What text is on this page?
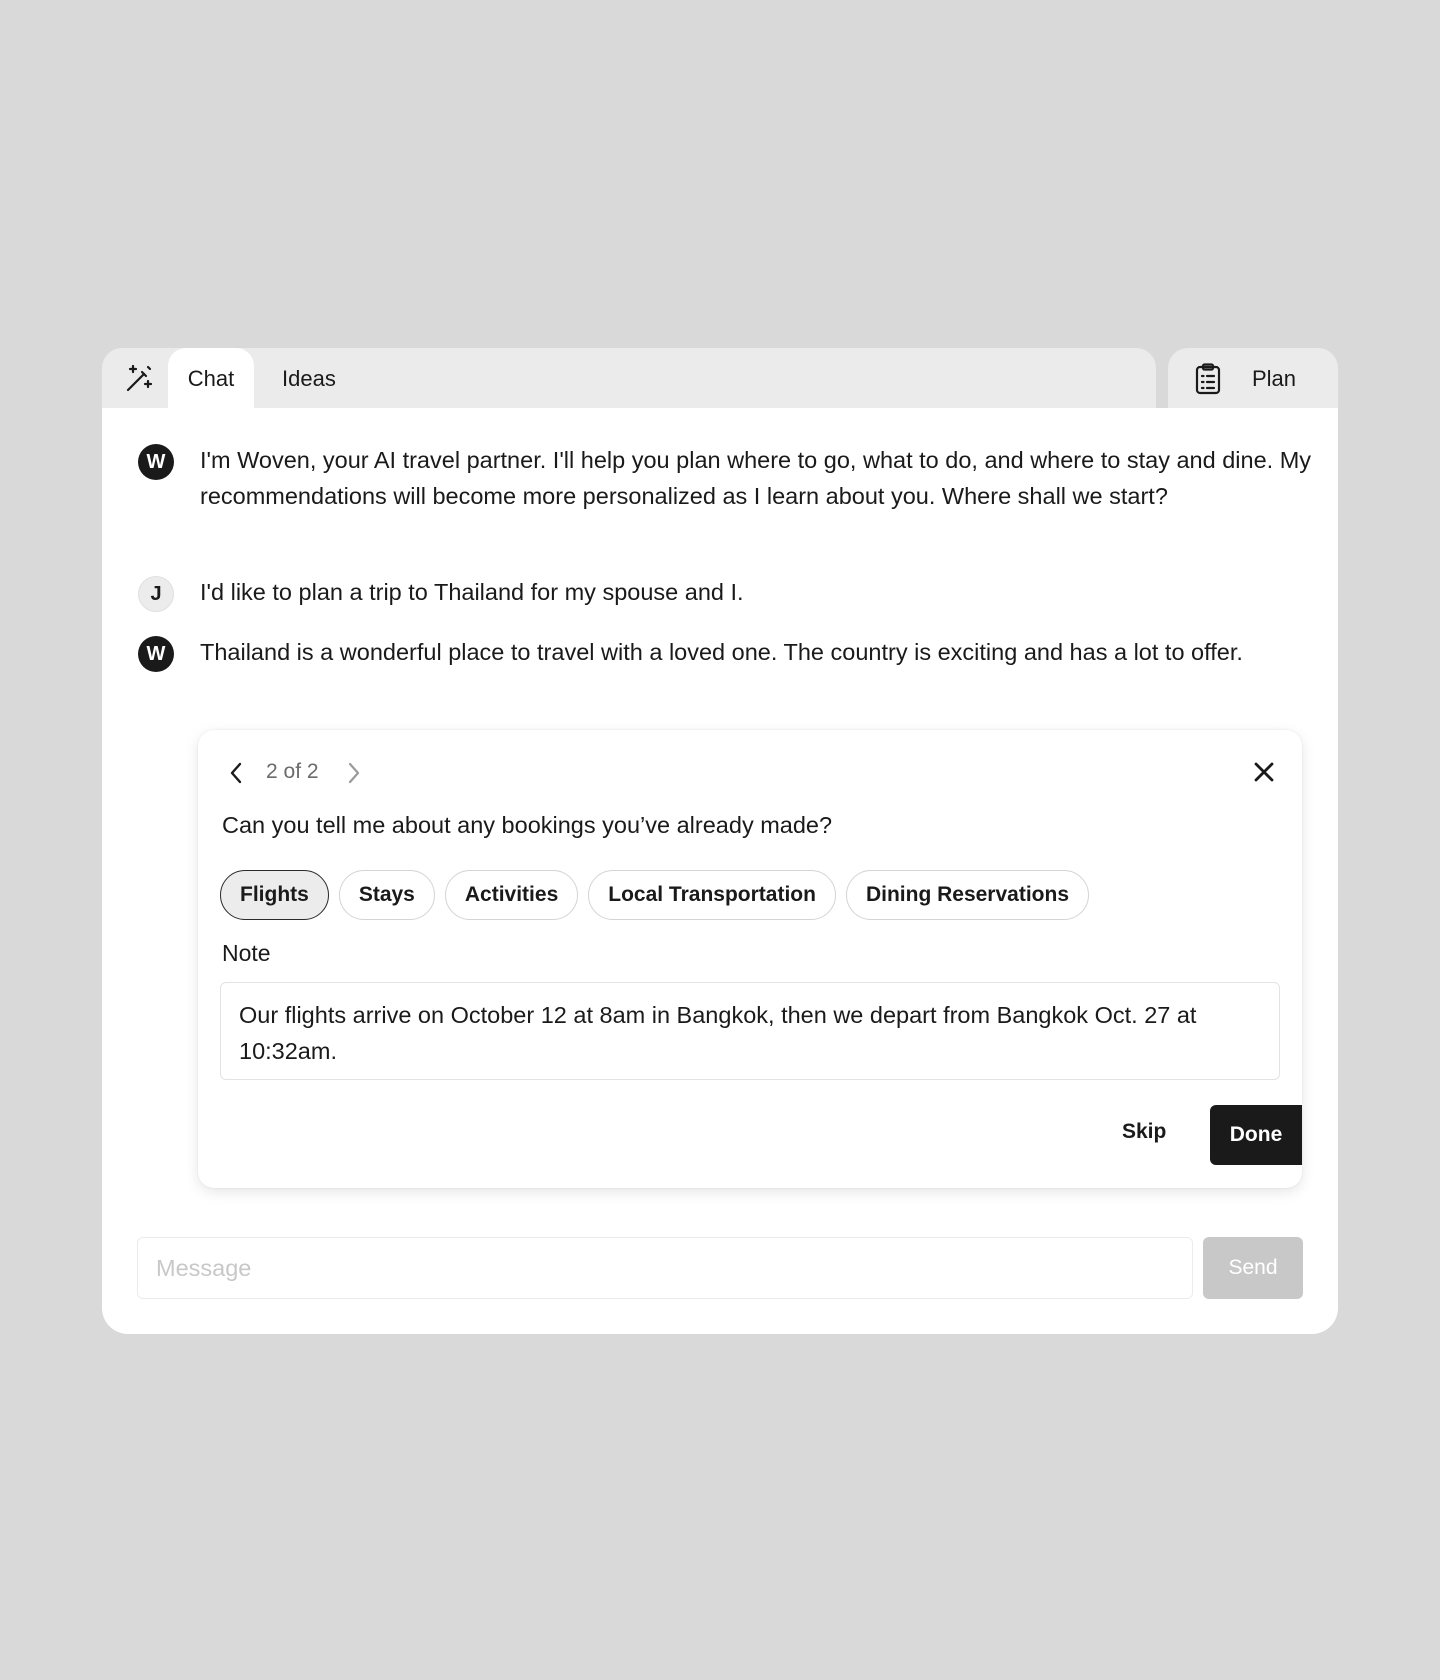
Chat Ideas	Plan
W	I'm Woven, your AI travel partner. I'll help you plan where to go, what to do, and where to stay and dine. My recommendations will become more personalized as I learn about you. Where shall we start?
J	I'd like to plan a trip to Thailand for my spouse and I.
W	Thailand is a wonderful place to travel with a loved one. The country is exciting and has a lot to offer.
2 of 2
Can you tell me about any bookings you’ve already made?
Flights	Stays	Activities	Local Transportation	Dining Reservations
Note
Our flights arrive on October 12 at 8am in Bangkok, then we depart from Bangkok Oct. 27 at 10:32am.
Skip	Done
Message
Send
